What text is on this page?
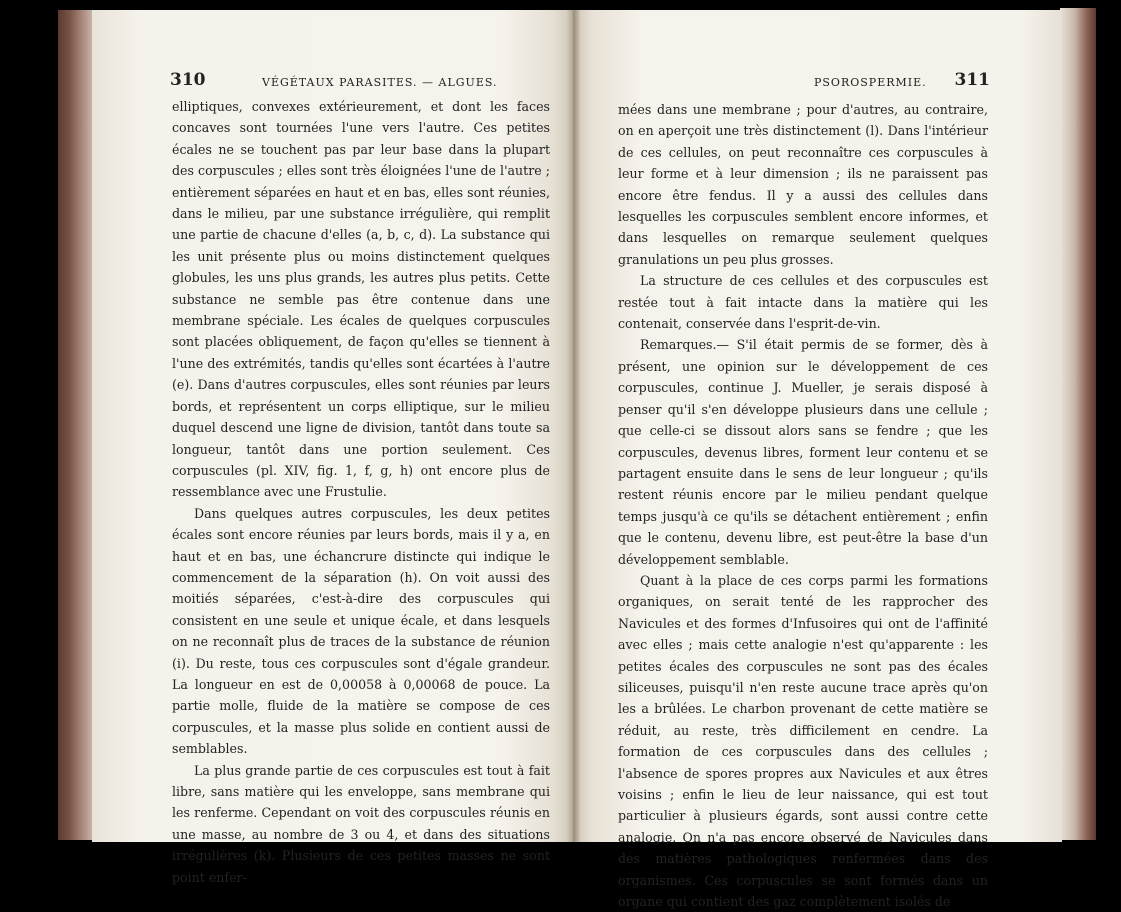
310	VÉGÉTAUX PARASITES. — ALGUES.

elliptiques, convexes extérieurement, et dont les faces concaves sont tournées l'une vers l'autre. Ces petites écales ne se touchent pas par leur base dans la plupart des corpuscules ; elles sont très éloignées l'une de l'autre ; entièrement séparées en haut et en bas, elles sont réunies, dans le milieu, par une substance irrégulière, qui remplit une partie de chacune d'elles (a, b, c, d). La substance qui les unit présente plus ou moins distinctement quelques globules, les uns plus grands, les autres plus petits. Cette substance ne semble pas être contenue dans une membrane spéciale. Les écales de quelques corpuscules sont placées obliquement, de façon qu'elles se tiennent à l'une des extrémités, tandis qu'elles sont écartées à l'autre (e). Dans d'autres corpuscules, elles sont réunies par leurs bords, et représentent un corps elliptique, sur le milieu duquel descend une ligne de division, tantôt dans toute sa longueur, tantôt dans une portion seulement. Ces corpuscules (pl. XIV, fig. 1, f, g, h) ont encore plus de ressemblance avec une Frustulie.

Dans quelques autres corpuscules, les deux petites écales sont encore réunies par leurs bords, mais il y a, en haut et en bas, une échancrure distincte qui indique le commencement de la séparation (h). On voit aussi des moitiés séparées, c'est-à-dire des corpuscules qui consistent en une seule et unique écale, et dans lesquels on ne reconnaît plus de traces de la substance de réunion (i). Du reste, tous ces corpuscules sont d'égale grandeur. La longueur en est de 0,00058 à 0,00068 de pouce. La partie molle, fluide de la matière se compose de ces corpuscules, et la masse plus solide en contient aussi de semblables.

La plus grande partie de ces corpuscules est tout à fait libre, sans matière qui les enveloppe, sans membrane qui les renferme. Cependant on voit des corpuscules réunis en une masse, au nombre de 3 ou 4, et dans des situations irrégulières (k). Plusieurs de ces petites masses ne sont point enfer-

PSOROSPERMIE. 311

mées dans une membrane ; pour d'autres, au contraire, on en aperçoit une très distinctement (l). Dans l'intérieur de ces cellules, on peut reconnaître ces corpuscules à leur forme et à leur dimension ; ils ne paraissent pas encore être fendus. Il y a aussi des cellules dans lesquelles les corpuscules semblent encore informes, et dans lesquelles on remarque seulement quelques granulations un peu plus grosses.

La structure de ces cellules et des corpuscules est restée tout à fait intacte dans la matière qui les contenait, conservée dans l'esprit-de-vin.

Remarques.— S'il était permis de se former, dès à présent, une opinion sur le développement de ces corpuscules, continue J. Mueller, je serais disposé à penser qu'il s'en développe plusieurs dans une cellule ; que celle-ci se dissout alors sans se fendre ; que les corpuscules, devenus libres, forment leur contenu et se partagent ensuite dans le sens de leur longueur ; qu'ils restent réunis encore par le milieu pendant quelque temps jusqu'à ce qu'ils se détachent entièrement ; enfin que le contenu, devenu libre, est peut-être la base d'un développement semblable.

Quant à la place de ces corps parmi les formations organiques, on serait tenté de les rapprocher des Navicules et des formes d'Infusoires qui ont de l'affinité avec elles ; mais cette analogie n'est qu'apparente : les petites écales des corpuscules ne sont pas des écales siliceuses, puisqu'il n'en reste aucune trace après qu'on les a brûlées. Le charbon provenant de cette matière se réduit, au reste, très difficilement en cendre. La formation de ces corpuscules dans des cellules ; l'absence de spores propres aux Navicules et aux êtres voisins ; enfin le lieu de leur naissance, qui est tout particulier à plusieurs égards, sont aussi contre cette analogie. On n'a pas encore observé de Navicules dans des matières pathologiques renfermées dans des organismes. Ces corpuscules se sont formés dans un organe qui contient des gaz complètement isolés de
